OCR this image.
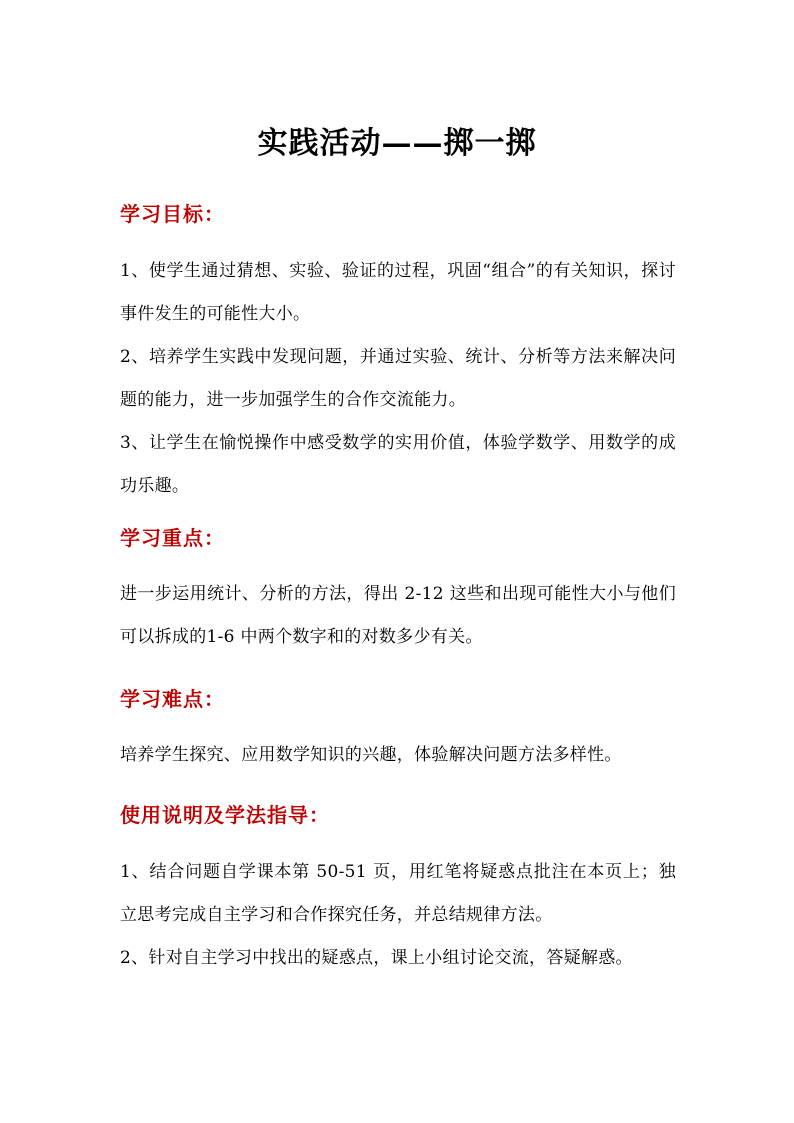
实践活动——掷一掷
学习目标：

1、使学生通过猜想、实验、验证的过程，巩固“组合”的有关知识，探讨事件发生的可能性大小。

2、培养学生实践中发现问题，并通过实验、统计、分析等方法来解决问题的能力，进一步加强学生的合作交流能力。

3、让学生在愉悦操作中感受数学的实用价值，体验学数学、用数学的成功乐趣。

学习重点：

进一步运用统计、分析的方法，得出 2-12 这些和出现可能性大小与他们可以拆成的1-6 中两个数字和的对数多少有关。

学习难点：

培养学生探究、应用数学知识的兴趣，体验解决问题方法多样性。

使用说明及学法指导：

1、结合问题自学课本第 50-51 页，用红笔将疑惑点批注在本页上；独立思考完成自主学习和合作探究任务，并总结规律方法。

2、针对自主学习中找出的疑惑点，课上小组讨论交流，答疑解惑。
